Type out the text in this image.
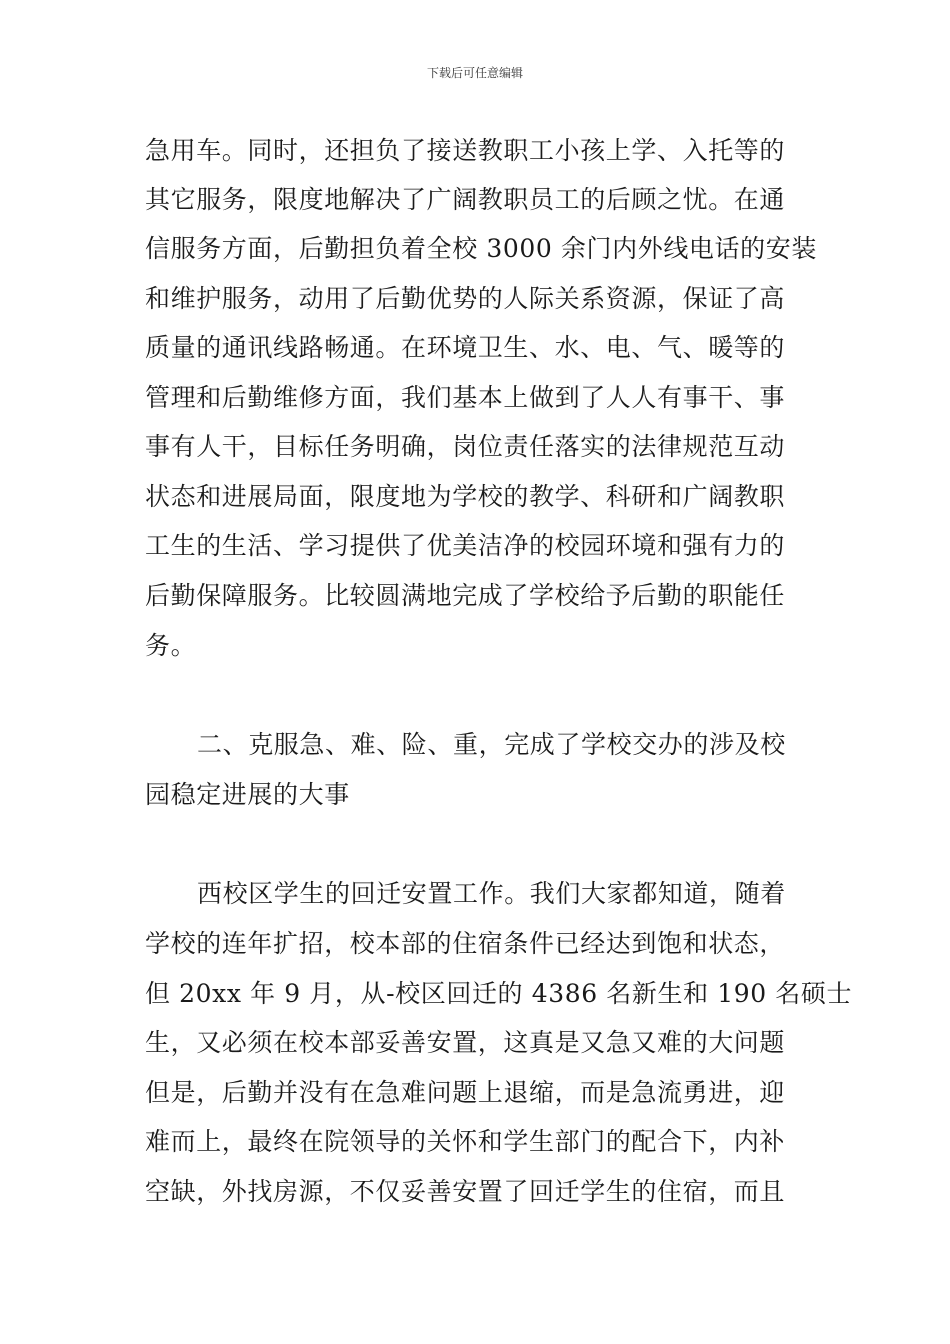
下载后可任意编辑
急用车。同时，还担负了接送教职工小孩上学、入托等的
其它服务，限度地解决了广阔教职员工的后顾之忧。在通
信服务方面，后勤担负着全校 3000 余门内外线电话的安装
和维护服务，动用了后勤优势的人际关系资源，保证了高
质量的通讯线路畅通。在环境卫生、水、电、气、暖等的
管理和后勤维修方面，我们基本上做到了人人有事干、事
事有人干，目标任务明确，岗位责任落实的法律规范互动
状态和进展局面，限度地为学校的教学、科研和广阔教职
工生的生活、学习提供了优美洁净的校园环境和强有力的
后勤保障服务。比较圆满地完成了学校给予后勤的职能任
务。
二、克服急、难、险、重，完成了学校交办的涉及校
园稳定进展的大事
西校区学生的回迁安置工作。我们大家都知道，随着
学校的连年扩招，校本部的住宿条件已经达到饱和状态，
但 20xx 年 9 月，从-校区回迁的 4386 名新生和 190 名硕士
生，又必须在校本部妥善安置，这真是又急又难的大问题
但是，后勤并没有在急难问题上退缩，而是急流勇进，迎
难而上，最终在院领导的关怀和学生部门的配合下，内补
空缺，外找房源，不仅妥善安置了回迁学生的住宿，而且
